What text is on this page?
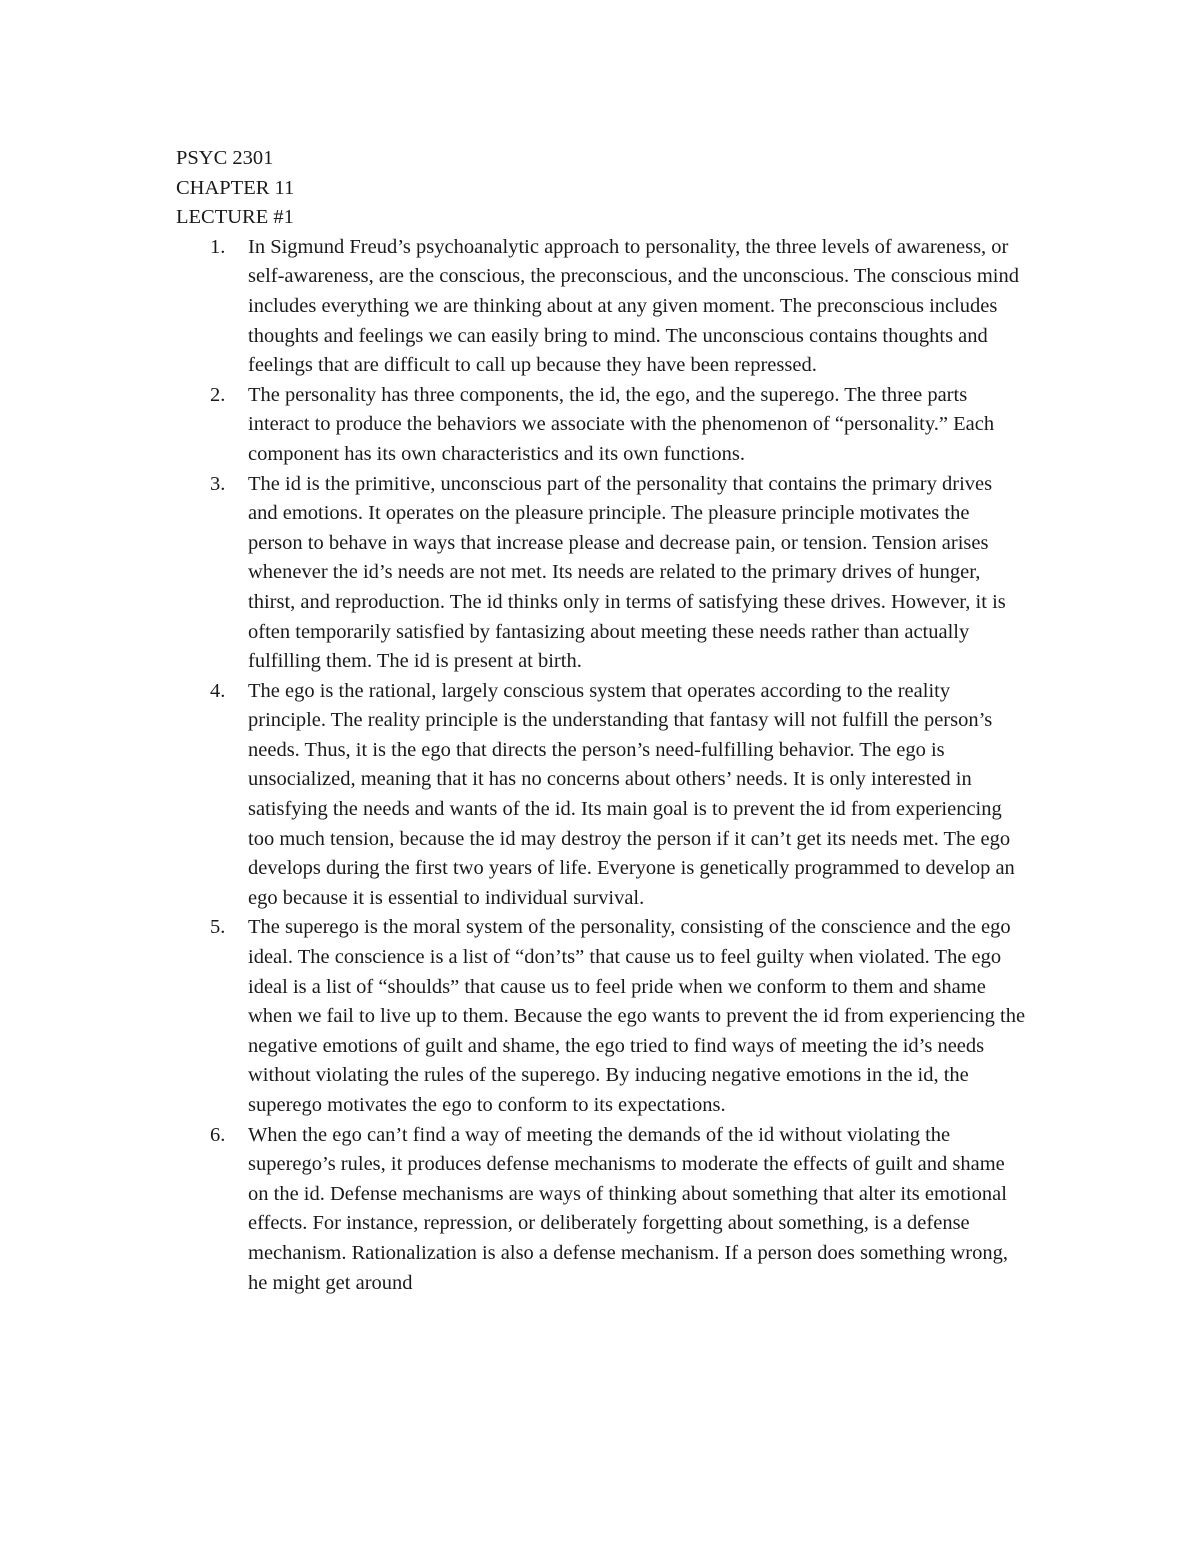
PSYC 2301
CHAPTER 11
LECTURE #1
1. In Sigmund Freud’s psychoanalytic approach to personality, the three levels of awareness, or self-awareness, are the conscious, the preconscious, and the unconscious. The conscious mind includes everything we are thinking about at any given moment. The preconscious includes thoughts and feelings we can easily bring to mind. The unconscious contains thoughts and feelings that are difficult to call up because they have been repressed.
2. The personality has three components, the id, the ego, and the superego. The three parts interact to produce the behaviors we associate with the phenomenon of “personality.” Each component has its own characteristics and its own functions.
3. The id is the primitive, unconscious part of the personality that contains the primary drives and emotions. It operates on the pleasure principle. The pleasure principle motivates the person to behave in ways that increase please and decrease pain, or tension. Tension arises whenever the id’s needs are not met. Its needs are related to the primary drives of hunger, thirst, and reproduction. The id thinks only in terms of satisfying these drives. However, it is often temporarily satisfied by fantasizing about meeting these needs rather than actually fulfilling them. The id is present at birth.
4. The ego is the rational, largely conscious system that operates according to the reality principle. The reality principle is the understanding that fantasy will not fulfill the person’s needs. Thus, it is the ego that directs the person’s need-fulfilling behavior. The ego is unsocialized, meaning that it has no concerns about others’ needs. It is only interested in satisfying the needs and wants of the id. Its main goal is to prevent the id from experiencing too much tension, because the id may destroy the person if it can’t get its needs met. The ego develops during the first two years of life. Everyone is genetically programmed to develop an ego because it is essential to individual survival.
5. The superego is the moral system of the personality, consisting of the conscience and the ego ideal. The conscience is a list of “don’ts” that cause us to feel guilty when violated. The ego ideal is a list of “shoulds” that cause us to feel pride when we conform to them and shame when we fail to live up to them. Because the ego wants to prevent the id from experiencing the negative emotions of guilt and shame, the ego tried to find ways of meeting the id’s needs without violating the rules of the superego. By inducing negative emotions in the id, the superego motivates the ego to conform to its expectations.
6. When the ego can’t find a way of meeting the demands of the id without violating the superego’s rules, it produces defense mechanisms to moderate the effects of guilt and shame on the id. Defense mechanisms are ways of thinking about something that alter its emotional effects. For instance, repression, or deliberately forgetting about something, is a defense mechanism. Rationalization is also a defense mechanism. If a person does something wrong, he might get around
